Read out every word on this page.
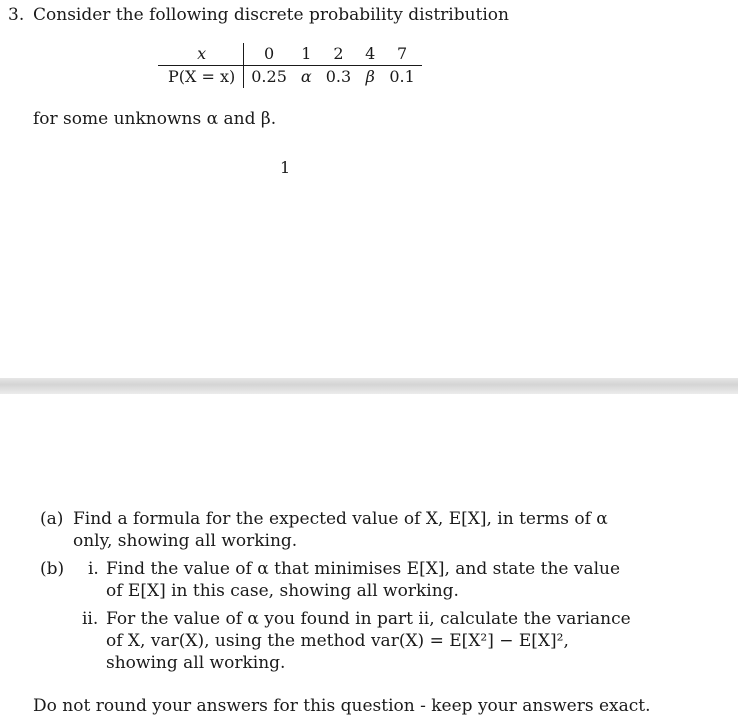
3. Consider the following discrete probability distribution
x	0	1	2	4	7
P(X = x)	0.25	α	0.3	β	0.1
for some unknowns α and β.
1
(a) Find a formula for the expected value of X, E[X], in terms of α
only, showing all working.
(b) i. Find the value of α that minimises E[X], and state the value
of E[X] in this case, showing all working.
ii. For the value of α you found in part ii, calculate the variance
of X, var(X), using the method var(X) = E[X²] − E[X]²,
showing all working.
Do not round your answers for this question - keep your answers exact.
